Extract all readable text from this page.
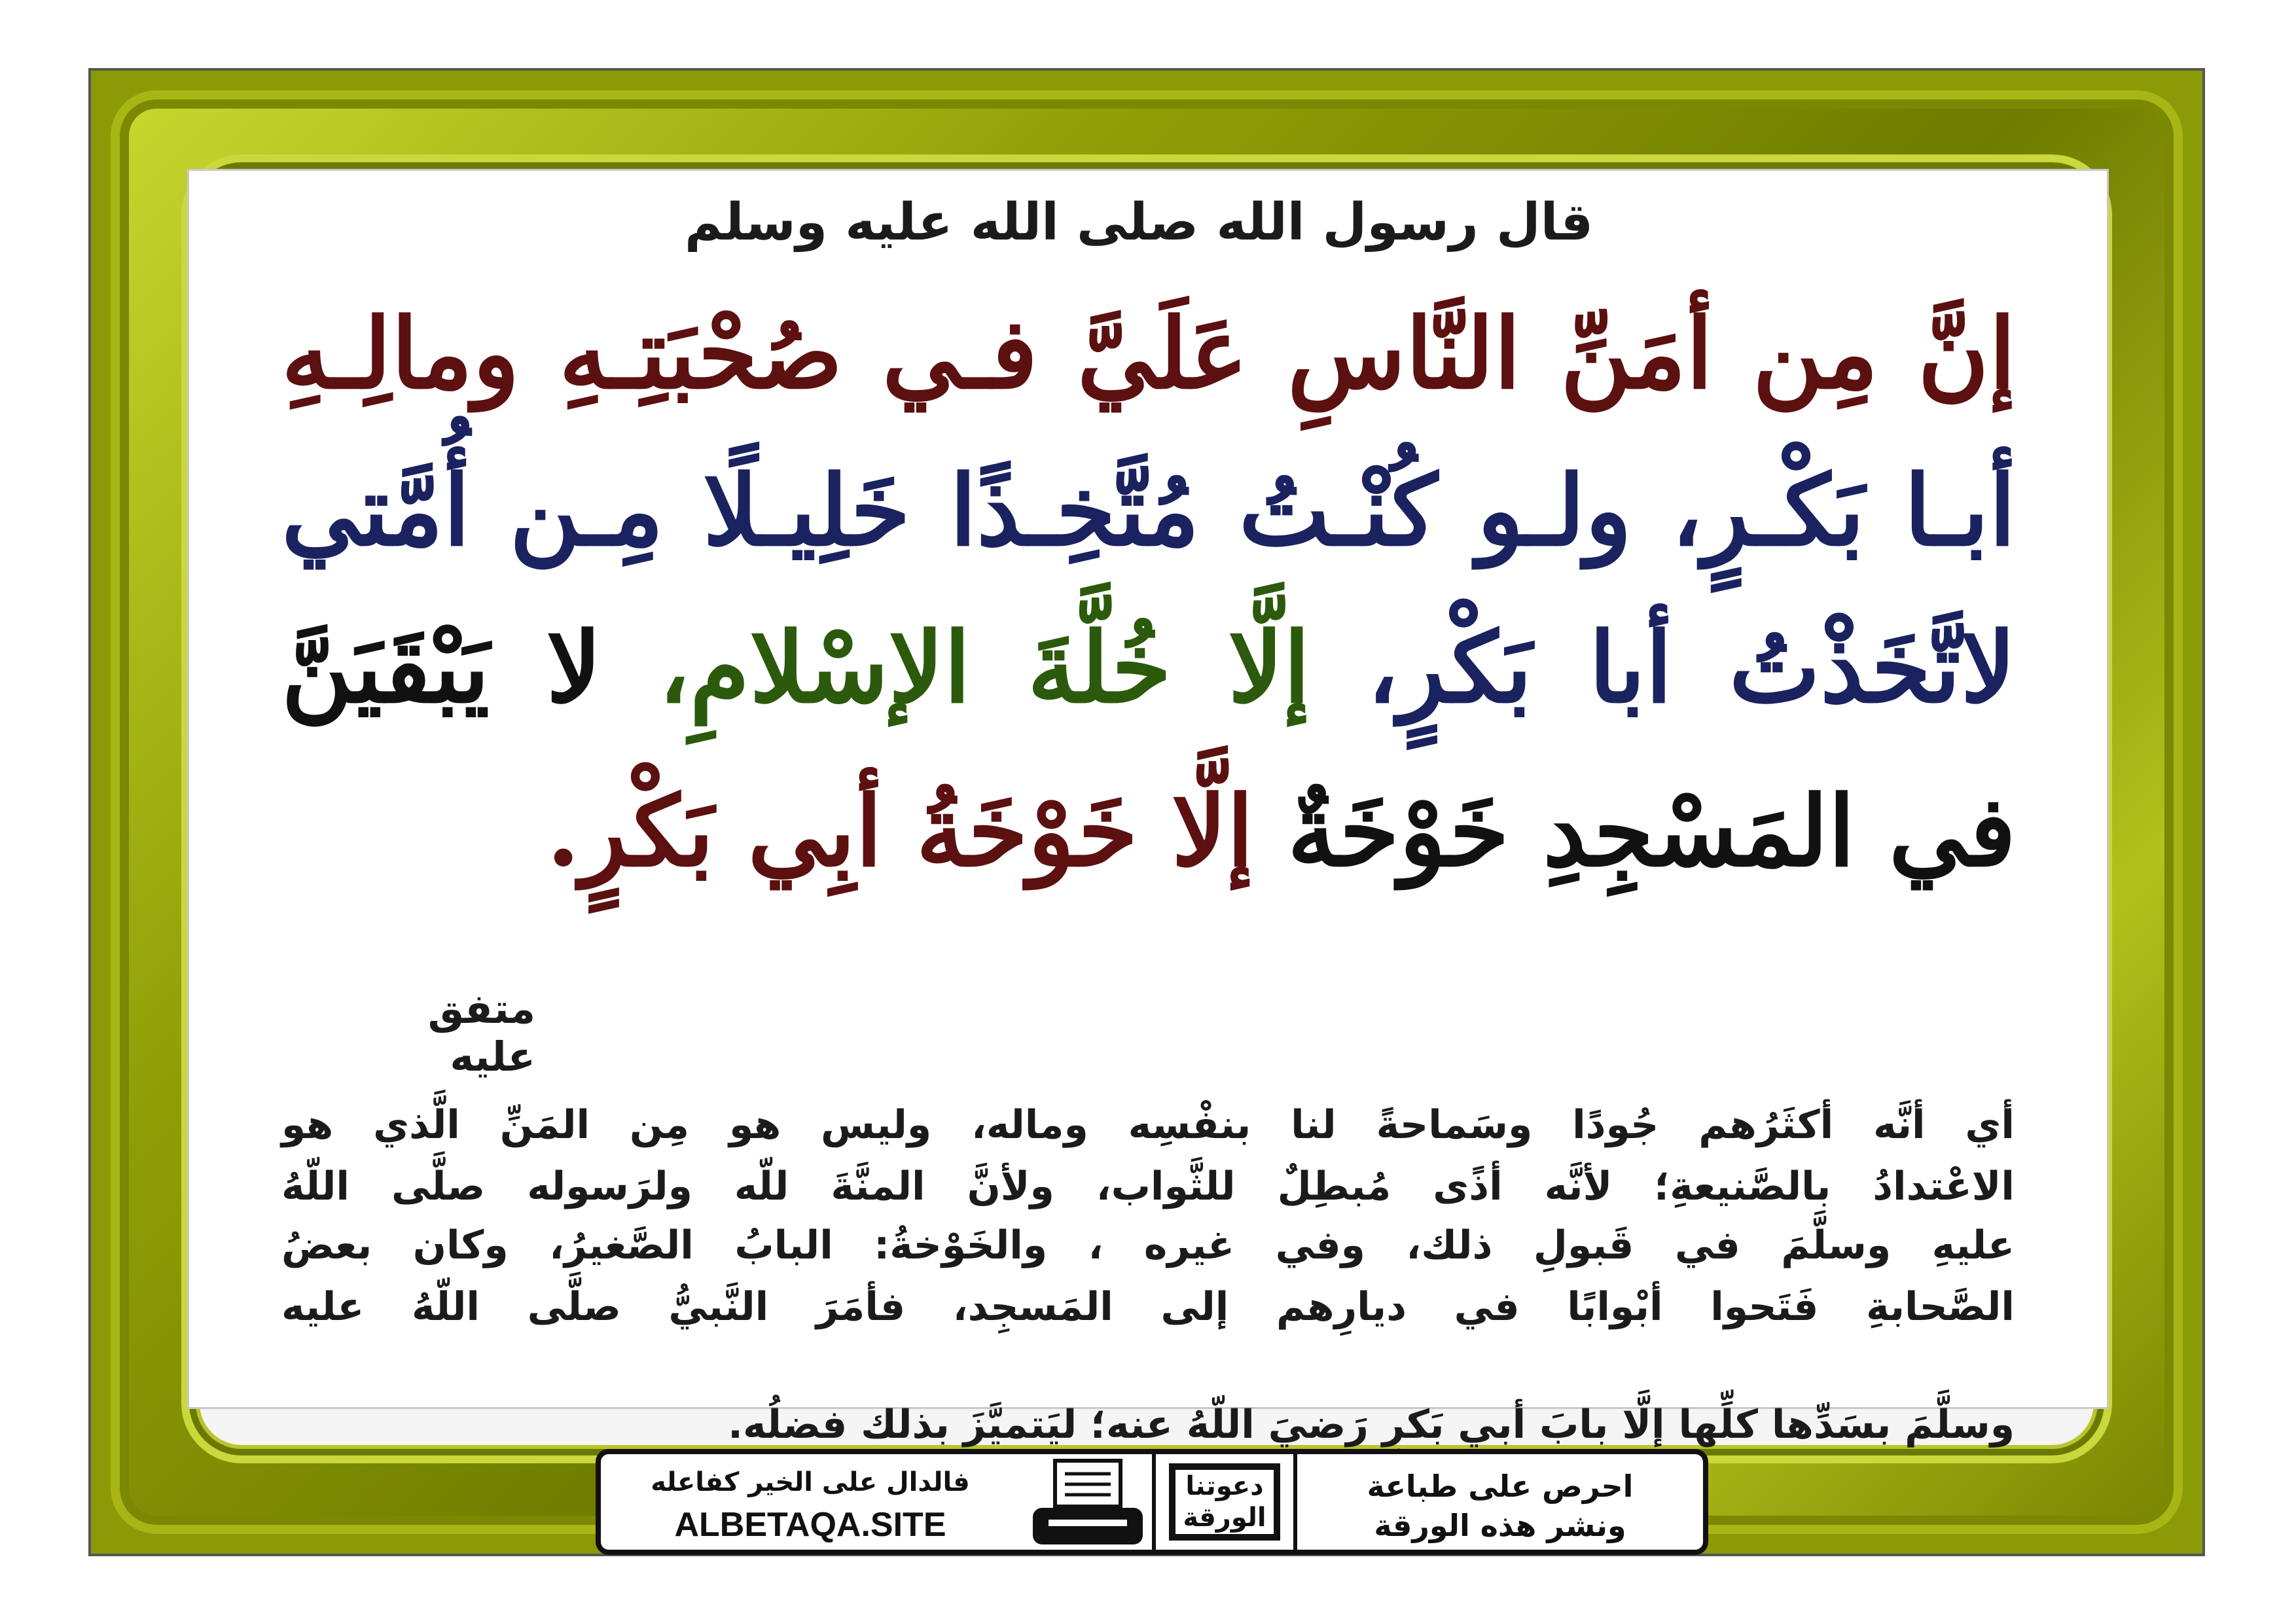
قال رسول الله صلى الله عليه وسلم
إنَّ مِن أمَنِّ النَّاسِ عَلَيَّ فـي صُحْبَتِـهِ ومالِـهِ
أبـا بَكْـرٍ، ولـو كُنْـتُ مُتَّخِـذًا خَلِيـلًا مِـن أُمَّتي
لاتَّخَذْتُ أبا بَكْرٍ، إلَّا خُلَّةَ الإسْلامِ، لا يَبْقَيَنَّ
في المَسْجِدِ خَوْخَةٌ إلَّا خَوْخَةُ أبِي بَكْرٍ.
متفق عليه
أي أنَّه أكثَرُهم جُودًا وسَماحةً لنا بنفْسِه وماله، وليس هو مِن المَنِّ الَّذي هو
الاعْتدادُ بالصَّنيعةِ؛ لأنَّه أذًى مُبطِلٌ للثَّواب، ولأنَّ المنَّةَ للّه ولرَسوله صلَّى اللّهُ
عليهِ وسلَّمَ في قَبولِ ذلك، وفي غيره ، والخَوْخةُ: البابُ الصَّغيرُ، وكان بعضُ
الصَّحابةِ فَتَحوا أبْوابًا في ديارِهم إلى المَسجِد، فأمَرَ النَّبيُّ صلَّى اللّهُ عليه
وسلَّمَ بسَدِّها كلِّها إلَّا بابَ أبي بَكرٍ رَضيَ اللّهُ عنه؛ ليَتميَّزَ بذلك فضلُه.
احرص على طباعة
ونشر هذه الورقة
دعوتنا
الورقة
فالدال على الخير كفاعله
ALBETAQA.SITE
